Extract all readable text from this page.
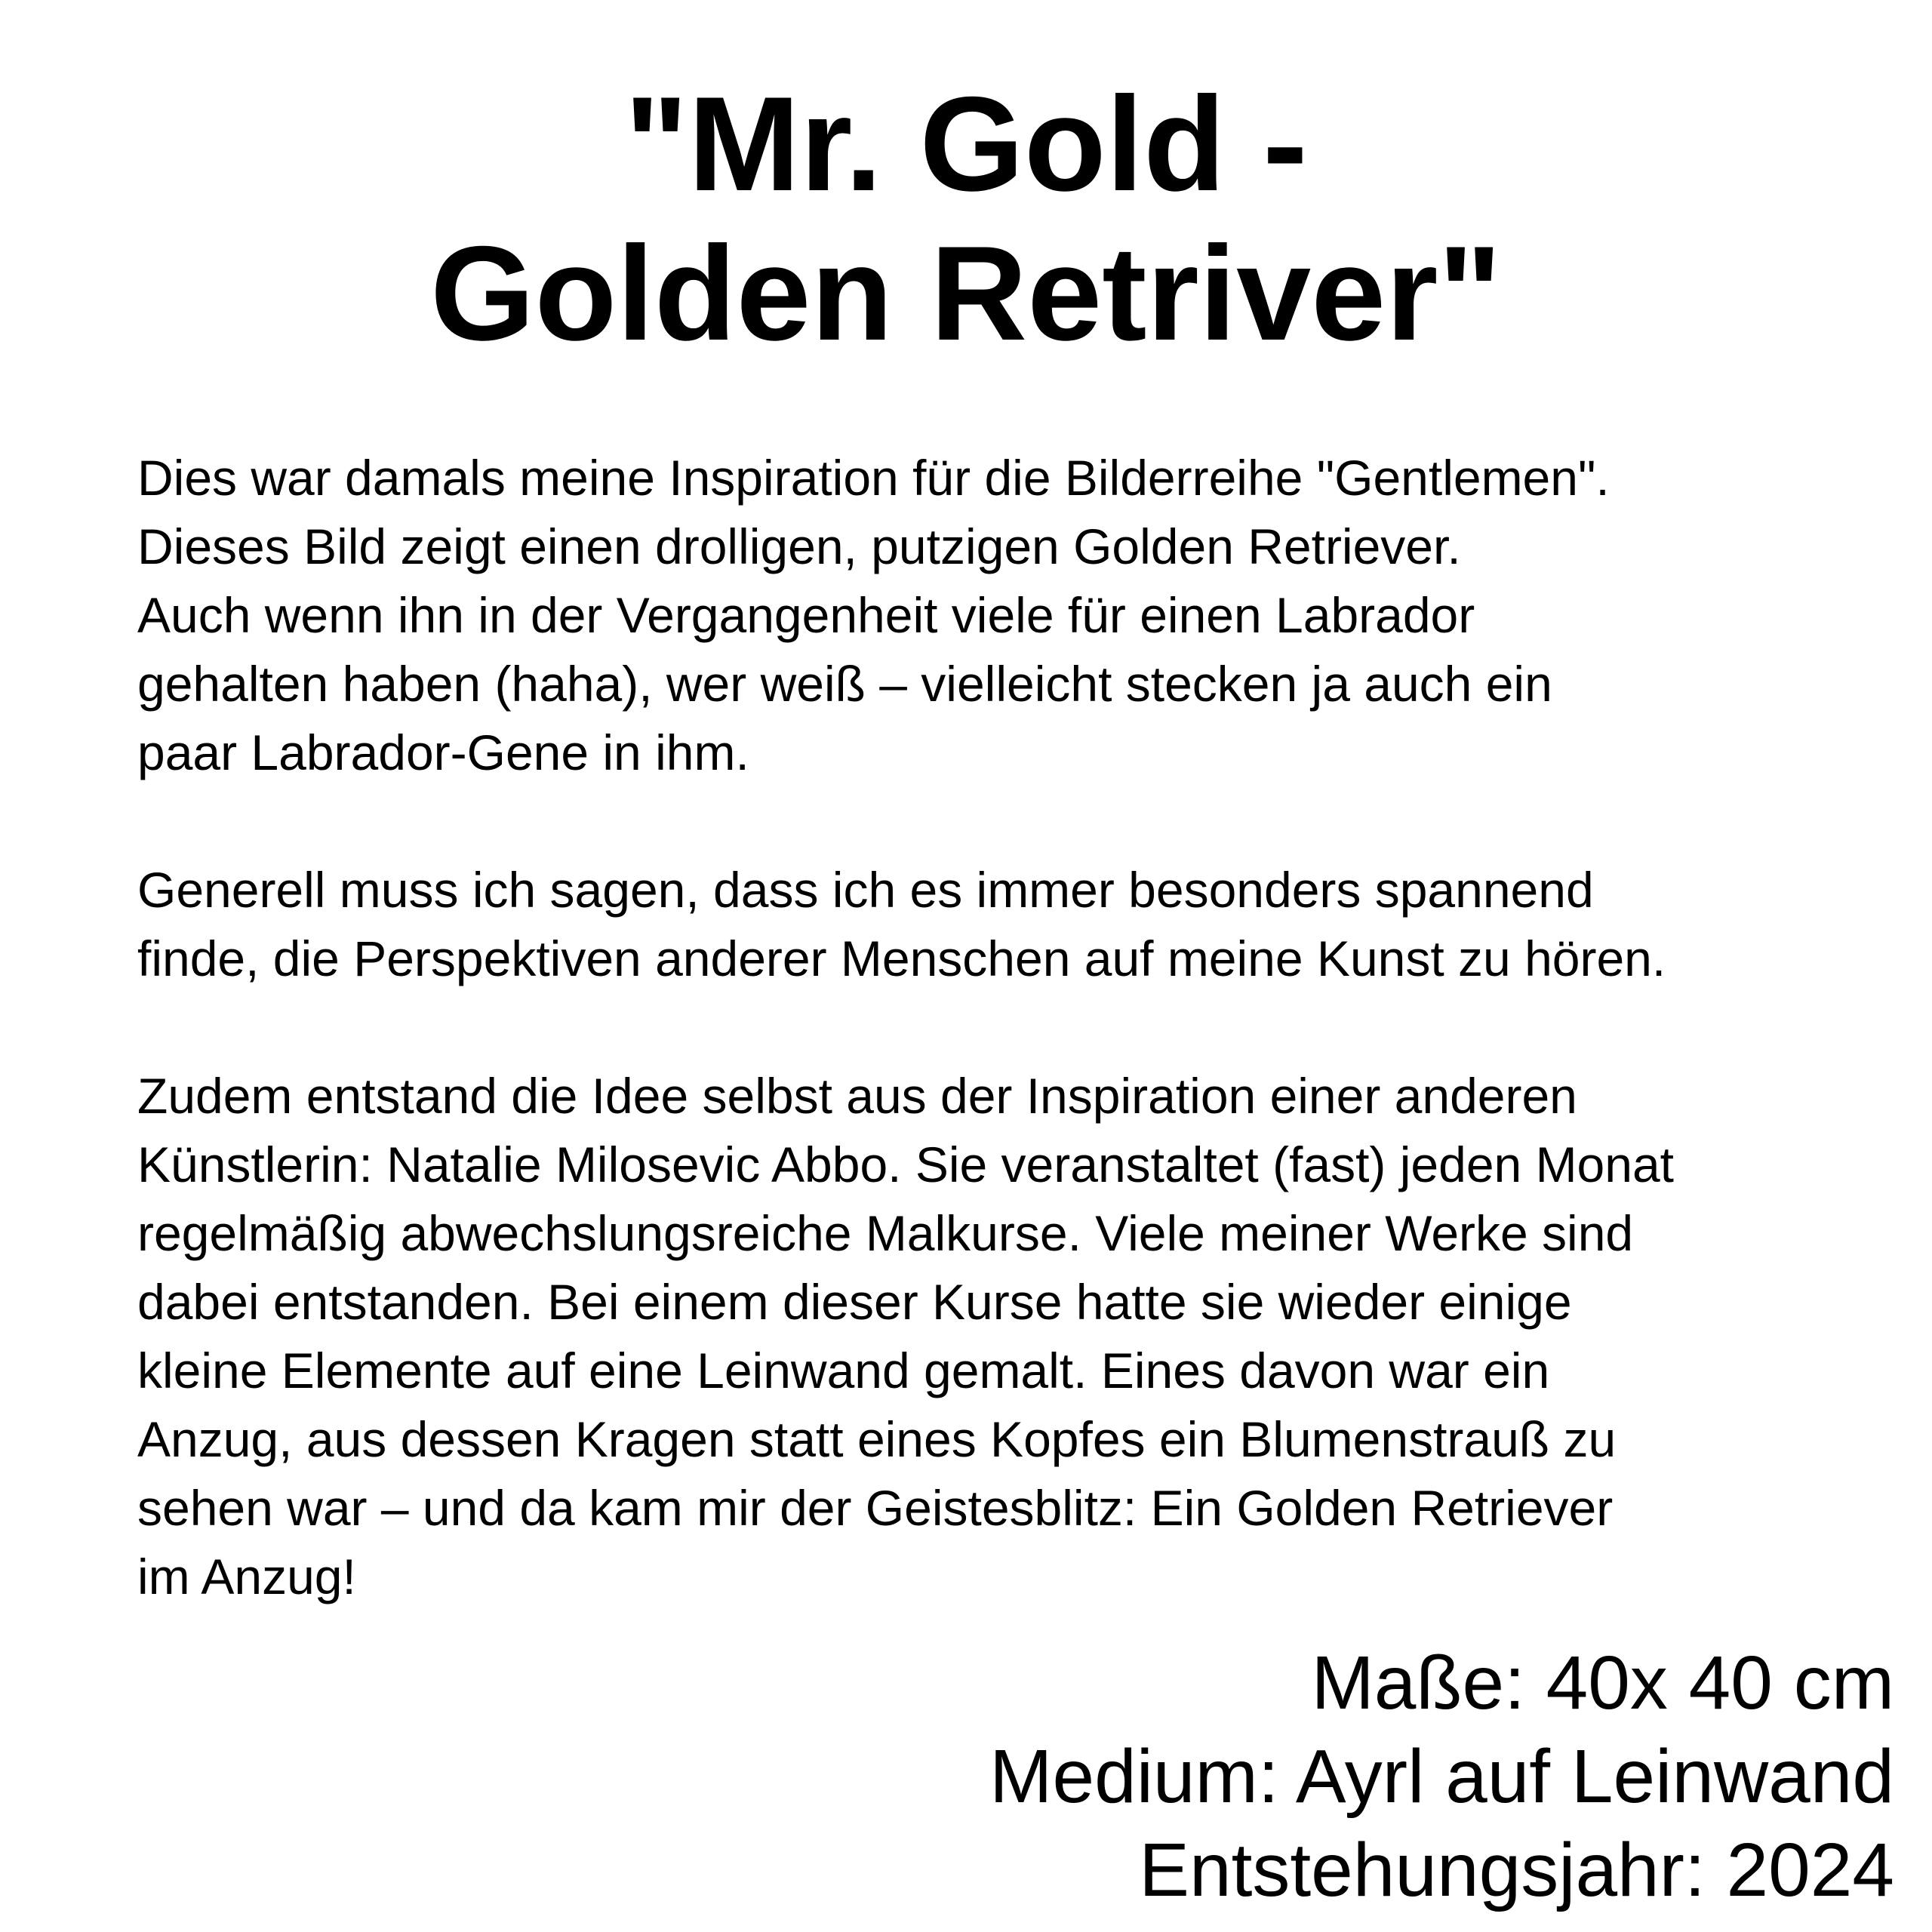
"Mr. Gold -
Golden Retriver"

Dies war damals meine Inspiration für die Bilderreihe "Gentlemen".
Dieses Bild zeigt einen drolligen, putzigen Golden Retriever.
Auch wenn ihn in der Vergangenheit viele für einen Labrador
gehalten haben (haha), wer weiß – vielleicht stecken ja auch ein
paar Labrador-Gene in ihm.

Generell muss ich sagen, dass ich es immer besonders spannend
finde, die Perspektiven anderer Menschen auf meine Kunst zu hören.

Zudem entstand die Idee selbst aus der Inspiration einer anderen
Künstlerin: Natalie Milosevic Abbo. Sie veranstaltet (fast) jeden Monat
regelmäßig abwechslungsreiche Malkurse. Viele meiner Werke sind
dabei entstanden. Bei einem dieser Kurse hatte sie wieder einige
kleine Elemente auf eine Leinwand gemalt. Eines davon war ein
Anzug, aus dessen Kragen statt eines Kopfes ein Blumenstrauß zu
sehen war – und da kam mir der Geistesblitz: Ein Golden Retriever
im Anzug!

Maße: 40x 40 cm
Medium: Ayrl auf Leinwand
Entstehungsjahr: 2024
